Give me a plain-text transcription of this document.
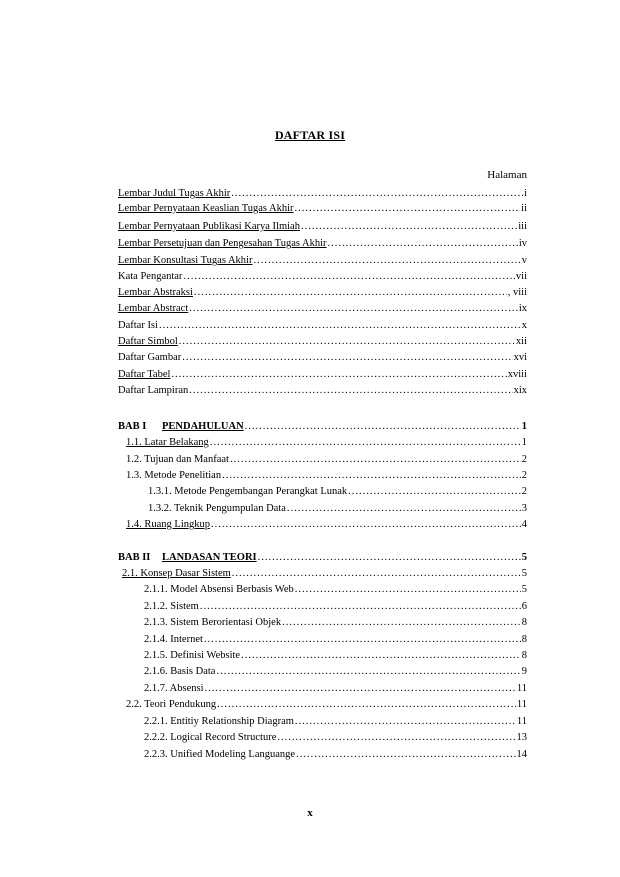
DAFTAR ISI
Halaman
Lembar Judul Tugas Akhir .....	i
Lembar Pernyataan Keaslian Tugas Akhir .....	ii
Lembar Pernyataan Publikasi Karya Ilmiah .....	iii
Lembar Persetujuan dan Pengesahan Tugas Akhir .....	iv
Lembar Konsultasi Tugas Akhir .....	v
Kata Pengantar .....	vii
Lembar Abstraksi .....	, viii
Lembar Abstract .....	ix
Daftar Isi .....	x
Daftar Simbol .....	xii
Daftar Gambar .....	xvi
Daftar Tabel .....	xviii
Daftar Lampiran .....	xix
BAB I PENDAHULUAN .....	1
1.1. Latar Belakang .....	1
1.2. Tujuan dan Manfaat .....	2
1.3. Metode Penelitian .....	2
1.3.1. Metode Pengembangan Perangkat Lunak .....	2
1.3.2. Teknik Pengumpulan Data .....	3
1.4. Ruang Lingkup .....	4
BAB II LANDASAN TEORI .....	5
2.1. Konsep Dasar Sistem .....	5
2.1.1. Model Absensi Berbasis Web .....	5
2.1.2. Sistem .....	6
2.1.3. Sistem Berorientasi Objek .....	8
2.1.4. Internet .....	8
2.1.5. Definisi Website .....	8
2.1.6. Basis Data .....	9
2.1.7. Absensi .....	11
2.2. Teori Pendukung .....	11
2.2.1. Entitiy Relationship Diagram .....	11
2.2.2. Logical Record Structure .....	13
2.2.3. Unified Modeling Languange .....	14
x
